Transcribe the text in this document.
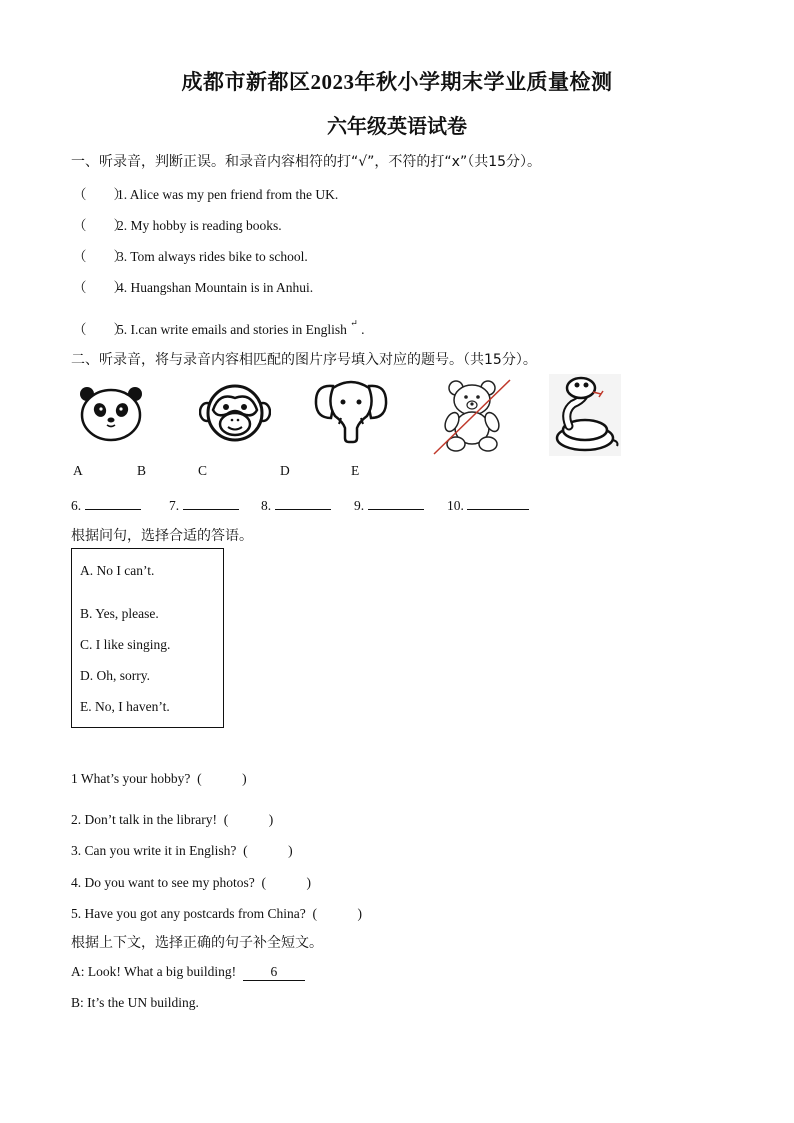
成都市新都区2023年秋小学期末学业质量检测
六年级英语试卷
一、听录音，判断正误。和录音内容相符的打“√”，不符的打“x”（共15分）。
（　　）1. Alice was my pen friend from the UK.
（　　）2. My hobby is reading books.
（　　）3. Tom always rides bike to school.
（　　）4. Huangshan Mountain is in Anhui.
（　　）5. I.can write emails and stories in English ↵ .
二、听录音，将与录音内容相匹配的图片序号填入对应的题号。（共15分）。
A	B	C	D	E
6.	7.	8.	9.	10.
根据问句，选择合适的答语。
A. No I can’t.
B. Yes, please.
C. I like singing.
D. Oh, sorry.
E. No, I haven’t.
1 What’s your hobby? (　　　)
2. Don’t talk in the library! (　　　)
3. Can you write it in English? (　　　)
4. Do you want to see my photos? (　　　)
5. Have you got any postcards from China? (　　　)
根据上下文，选择正确的句子补全短文。
A: Look! What a big building!	6
B: It’s the UN building.
